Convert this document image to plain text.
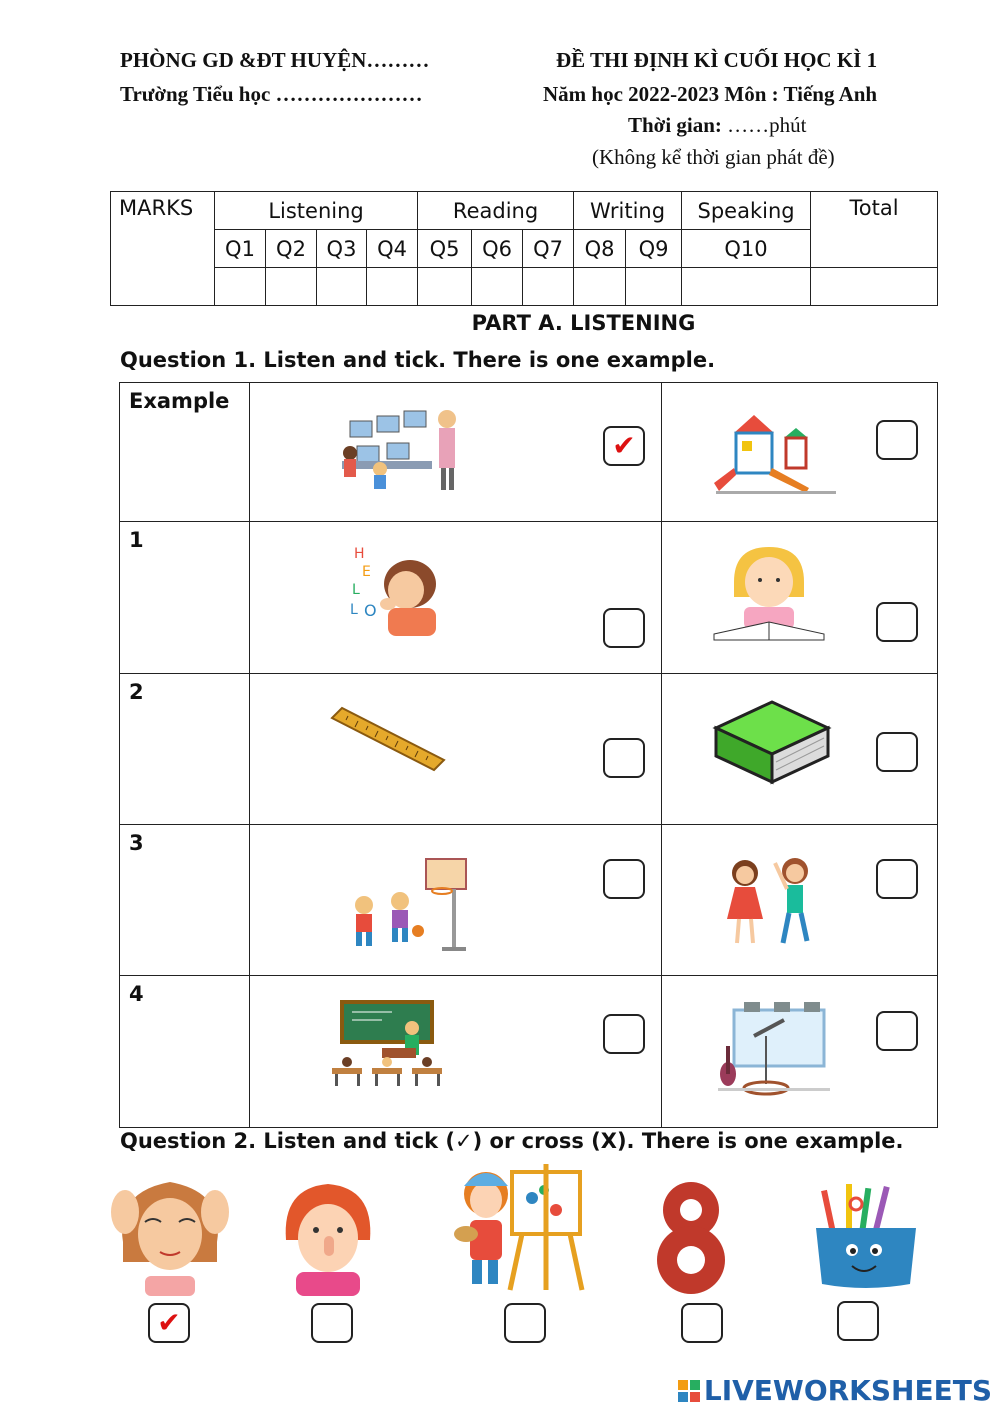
PHÒNG GD &ĐT HUYỆN………
Trường Tiểu học …………………
ĐỀ THI ĐỊNH KÌ CUỐI HỌC KÌ 1
Năm học 2022-2023 Môn : Tiếng Anh
Thời gian: ……phút
(Không kể thời gian phát đề)
MARKS	Listening				Reading			Writing		Speaking	Total
	Q1	Q2	Q3	Q4	Q5	Q6	Q7	Q8	Q9	Q10	

PART A. LISTENING
Question 1. Listen and tick. There is one example.
Example	✔

1	H
E
L
L O

2

3

4

Question 2. Listen and tick (✓) or cross (X). There is one example.
✔
LIVEWORKSHEETS
